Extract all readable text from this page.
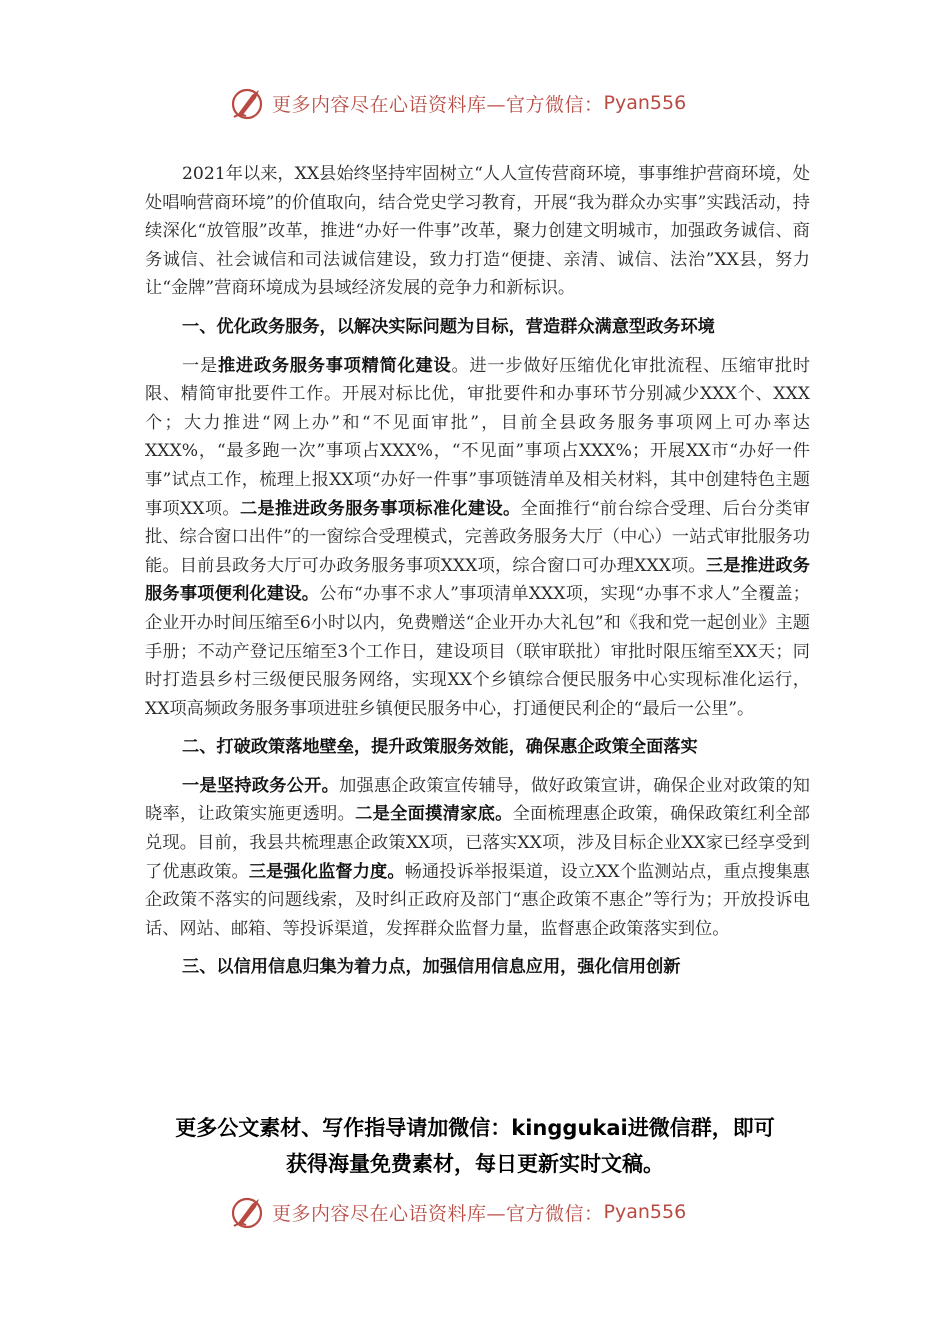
更多内容尽在心语资料库—官方微信： Pyan556

2021年以来，XX县始终坚持牢固树立“人人宣传营商环境，事事维护营商环境，处处唱响营商环境”的价值取向，结合党史学习教育，开展“我为群众办实事”实践活动，持续深化“放管服”改革，推进“办好一件事”改革，聚力创建文明城市，加强政务诚信、商务诚信、社会诚信和司法诚信建设，致力打造“便捷、亲清、诚信、法治”XX县，努力让“金牌”营商环境成为县域经济发展的竞争力和新标识。

一、优化政务服务，以解决实际问题为目标，营造群众满意型政务环境

一是推进政务服务事项精简化建设。进一步做好压缩优化审批流程、压缩审批时限、精简审批要件工作。开展对标比优，审批要件和办事环节分别减少XXX个、XXX个；大力推进“网上办”和“不见面审批”，目前全县政务服务事项网上可办率达XXX%，“最多跑一次”事项占XXX%，“不见面”事项占XXX%；开展XX市“办好一件事”试点工作，梳理上报XX项“办好一件事”事项链清单及相关材料，其中创建特色主题事项XX项。二是推进政务服务事项标准化建设。全面推行“前台综合受理、后台分类审批、综合窗口出件”的一窗综合受理模式，完善政务服务大厅（中心）一站式审批服务功能。目前县政务大厅可办政务服务事项XXX项，综合窗口可办理XXX项。三是推进政务服务事项便利化建设。公布“办事不求人”事项清单XXX项，实现“办事不求人”全覆盖；企业开办时间压缩至6小时以内，免费赠送“企业开办大礼包”和《我和党一起创业》主题手册；不动产登记压缩至3个工作日，建设项目（联审联批）审批时限压缩至XX天；同时打造县乡村三级便民服务网络，实现XX个乡镇综合便民服务中心实现标准化运行，XX项高频政务服务事项进驻乡镇便民服务中心，打通便民利企的“最后一公里”。

二、打破政策落地壁垒，提升政策服务效能，确保惠企政策全面落实

一是坚持政务公开。加强惠企政策宣传辅导，做好政策宣讲，确保企业对政策的知晓率，让政策实施更透明。二是全面摸清家底。全面梳理惠企政策，确保政策红利全部兑现。目前，我县共梳理惠企政策XX项，已落实XX项，涉及目标企业XX家已经享受到了优惠政策。三是强化监督力度。畅通投诉举报渠道，设立XX个监测站点，重点搜集惠企政策不落实的问题线索，及时纠正政府及部门“惠企政策不惠企”等行为；开放投诉电话、网站、邮箱、等投诉渠道，发挥群众监督力量，监督惠企政策落实到位。

三、以信用信息归集为着力点，加强信用信息应用，强化信用创新
更多公文素材、写作指导请加微信：kinggukai进微信群，即可
获得海量免费素材，每日更新实时文稿。
更多内容尽在心语资料库—官方微信： Pyan556
